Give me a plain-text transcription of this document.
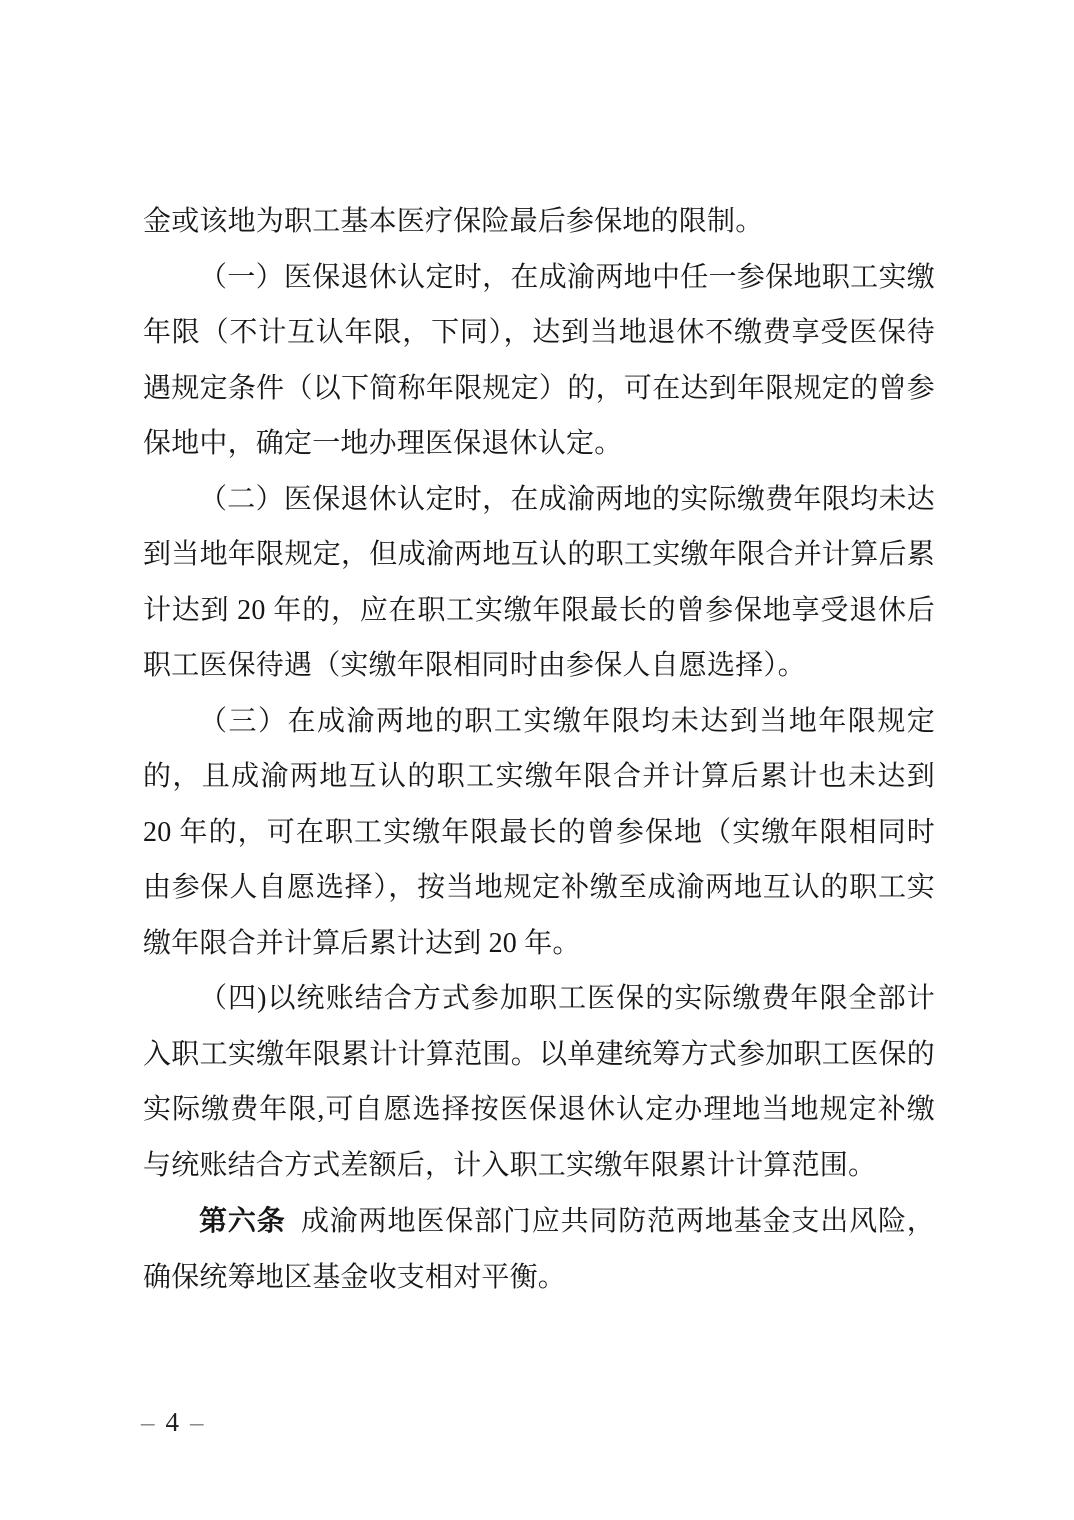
金或该地为职工基本医疗保险最后参保地的限制。

（一）医保退休认定时，在成渝两地中任一参保地职工实缴年限（不计互认年限，下同），达到当地退休不缴费享受医保待遇规定条件（以下简称年限规定）的，可在达到年限规定的曾参保地中，确定一地办理医保退休认定。

（二）医保退休认定时，在成渝两地的实际缴费年限均未达到当地年限规定，但成渝两地互认的职工实缴年限合并计算后累计达到 20 年的，应在职工实缴年限最长的曾参保地享受退休后职工医保待遇（实缴年限相同时由参保人自愿选择）。

（三）在成渝两地的职工实缴年限均未达到当地年限规定的，且成渝两地互认的职工实缴年限合并计算后累计也未达到 20 年的，可在职工实缴年限最长的曾参保地（实缴年限相同时由参保人自愿选择），按当地规定补缴至成渝两地互认的职工实缴年限合并计算后累计达到 20 年。

（四)以统账结合方式参加职工医保的实际缴费年限全部计入职工实缴年限累计计算范围。以单建统筹方式参加职工医保的实际缴费年限,可自愿选择按医保退休认定办理地当地规定补缴与统账结合方式差额后，计入职工实缴年限累计计算范围。

第六条 成渝两地医保部门应共同防范两地基金支出风险，确保统筹地区基金收支相对平衡。

– 4 –
